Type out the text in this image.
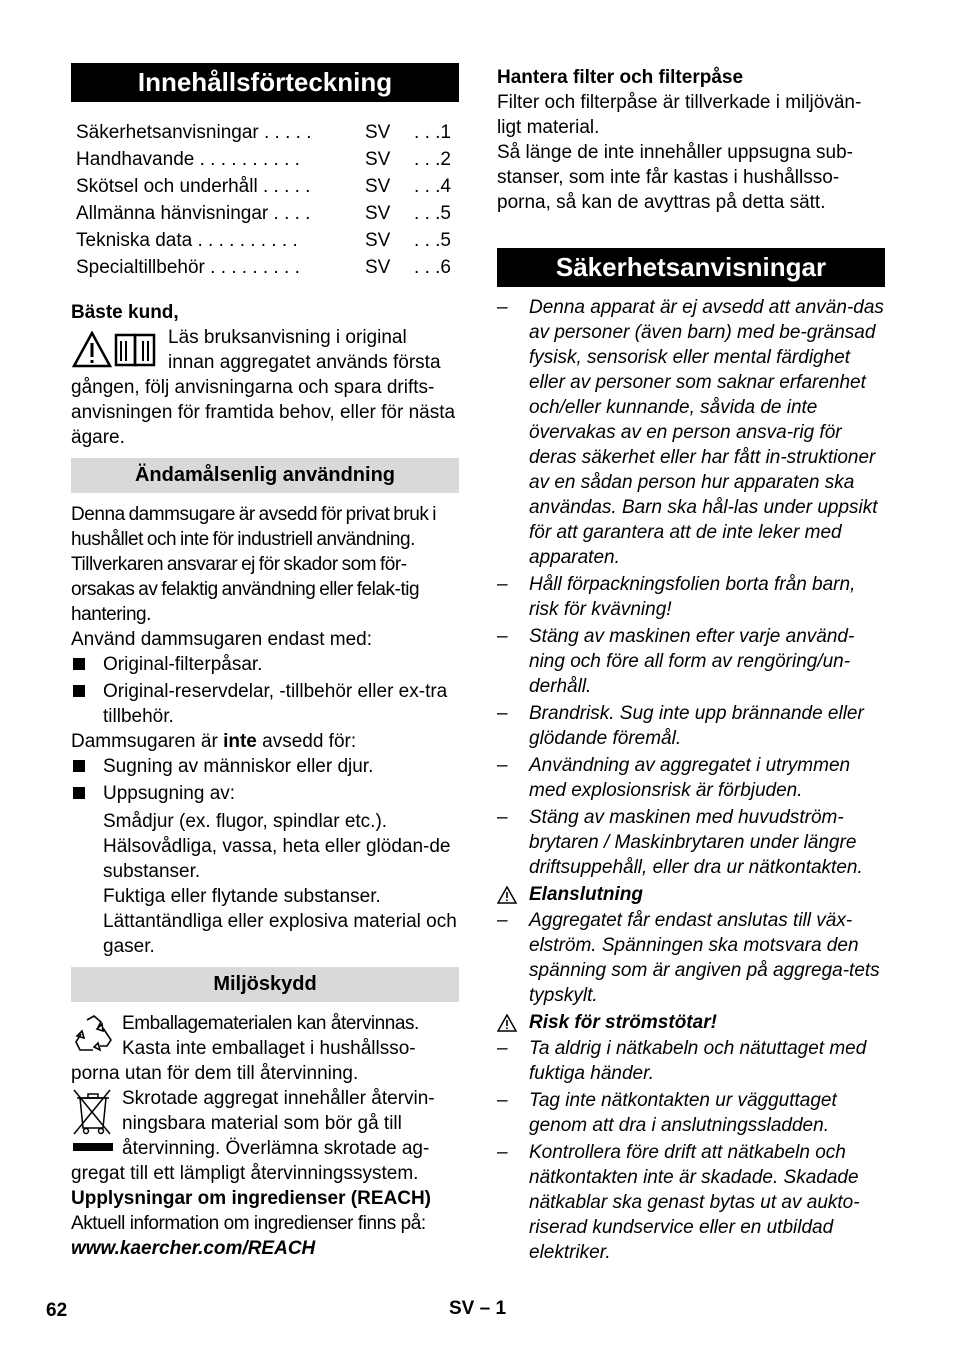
Innehållsförteckning
Säkerhetsanvisningar . . . . .	SV . . .1
Handhavande . . . . . . . . . .	SV . . .2
Skötsel och underhåll . . . . .	SV . . .4
Allmänna hänvisningar . . . .	SV . . .5
Tekniska data . . . . . . . . . .	SV . . .5
Specialtillbehör . . . . . . . . .	SV . . .6

Bäste kund,

Läs bruksanvisning i original

innan aggregatet används första

gången, följ anvisningarna och spara drifts-anvisningen för framtida behov, eller för nästa ägare.

Ändamålsenlig användning

Denna dammsugare är avsedd för privat bruk i hushållet och inte för industriell användning. Tillverkaren ansvarar ej för skador som för-orsakas av felaktig användning eller felak-tig hantering.

Använd dammsugaren endast med:

Original-filterpåsar.

Original-reservdelar, -tillbehör eller ex-tra tillbehör.

Dammsugaren är inte avsedd för:

Sugning av människor eller djur.

Uppsugning av:

Smådjur (ex. flugor, spindlar etc.).

Hälsovådliga, vassa, heta eller glödan-de substanser.

Fuktiga eller flytande substanser.

Lättantändliga eller explosiva material och gaser.

Miljöskydd

Emballagematerialen kan återvinnas.

Kasta inte emballaget i hushållsso-

porna utan för dem till återvinning.

Skrotade aggregat innehåller återvin-

ningsbara material som bör gå till

återvinning. Överlämna skrotade ag-

gregat till ett lämpligt återvinningssystem.

Upplysningar om ingredienser (REACH)

Aktuell information om ingredienser finns på:

www.kaercher.com/REACH

Hantera filter och filterpåse

Filter och filterpåse är tillverkade i miljövän-ligt material.

Så länge de inte innehåller uppsugna sub-stanser, som inte får kastas i hushållsso-porna, så kan de avyttras på detta sätt.

Säkerhetsanvisningar

– Denna apparat är ej avsedd att använ-das av personer (även barn) med be-gränsad fysisk, sensorisk eller mental färdighet eller av personer som saknar erfarenhet och/eller kunnande, såvida de inte övervakas av en person ansva-rig för deras säkerhet eller har fått in-struktioner av en sådan person hur apparaten ska användas. Barn ska hål-las under uppsikt för att garantera att de inte leker med apparaten.

– Håll förpackningsfolien borta från barn, risk för kvävning!

– Stäng av maskinen efter varje använd-ning och före all form av rengöring/un-derhåll.

– Brandrisk. Sug inte upp brännande eller glödande föremål.

– Användning av aggregatet i utrymmen med explosionsrisk är förbjuden.

– Stäng av maskinen med huvudström-brytaren / Maskinbrytaren under längre driftsuppehåll, eller dra ur nätkontakten.

Elanslutning

– Aggregatet får endast anslutas till väx-elström. Spänningen ska motsvara den spänning som är angiven på aggrega-tets typskylt.

Risk för strömstötar!

– Ta aldrig i nätkabeln och nätuttaget med fuktiga händer.

– Tag inte nätkontakten ur vägguttaget genom att dra i anslutningssladden.

– Kontrollera före drift att nätkabeln och nätkontakten inte är skadade. Skadade nätkablar ska genast bytas ut av aukto-riserad kundservice eller en utbildad elektriker.

62	SV – 1
